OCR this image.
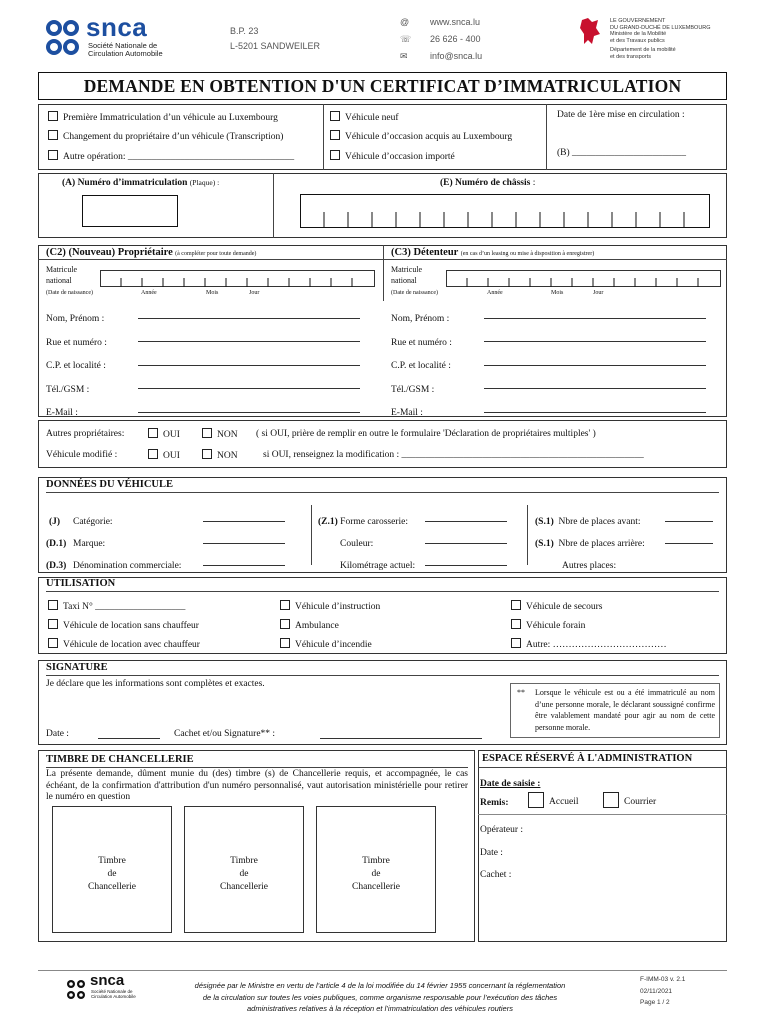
snca
Société Nationale de
Circulation Automobile
B.P. 23
L-5201 SANDWEILER
@ www.snca.lu
☏ 26 626 - 400
✉ info@snca.lu
LE GOUVERNEMENT
DU GRAND-DUCHÉ DE LUXEMBOURG
Ministère de la Mobilité
et des Travaux publics
Département de la mobilité
et des transports
DEMANDE EN OBTENTION D'UN CERTIFICAT D’IMMATRICULATION
Première Immatriculation d’un véhicule au Luxembourg
Changement du propriétaire d’un véhicule (Transcription)
Autre opération: ___________________________________
Véhicule neuf
Véhicule d’occasion acquis au Luxembourg
Véhicule d’occasion importé
Date de 1ère mise en circulation :
(B) ________________________
(A) Numéro d’immatriculation (Plaque) :	(E) Numéro de châssis :
(C2) (Nouveau) Propriétaire (à compléter pour toute demande)
Matricule
national
(Date de naissance)	Année	Mois	Jour
(C3) Détenteur (en cas d’un leasing ou mise à disposition à enregistrer)
Matricule
national
(Date de naissance)	Année	Mois	Jour
Nom, Prénom :
Rue et numéro :
C.P. et localité :
Tél./GSM :
E-Mail :
Nom, Prénom :
Rue et numéro :
C.P. et localité :
Tél./GSM :
E-Mail :
Autres propriétaires:	OUI	NON ( si OUI, prière de remplir en outre le formulaire 'Déclaration de propriétaires multiples' )
Véhicule modifié :	OUI	NON	si OUI, renseignez la modification : ___________________________________________________
DONNÉES DU VÉHICULE
(J) Catégorie:
(D.1) Marque:
(D.3) Dénomination commerciale:
(Z.1) Forme carosserie:
Couleur:
Kilométrage actuel:
(S.1) Nbre de places avant:
(S.1) Nbre de places arrière:
Autres places:
UTILISATION
Taxi N° ___________________
Véhicule de location sans chauffeur
Véhicule de location avec chauffeur
Véhicule d’instruction
Ambulance
Véhicule d’incendie
Véhicule de secours
Véhicule forain
Autre: ………………………………
SIGNATURE
Je déclare que les informations sont complètes et exactes.
** Lorsque le véhicule est ou a été immatriculé au nom d’une personne morale, le déclarant soussigné confirme être valablement mandaté pour agir au nom de cette personne morale.
Date :	Cachet et/ou Signature** :
TIMBRE DE CHANCELLERIE
La présente demande, dûment munie du (des) timbre (s) de Chancellerie requis, et accompagnée, le cas échéant, de la confirmation d'attribution d'un numéro personnalisé, vaut autorisation ministérielle pour retirer le numéro en question
Timbre
de
Chancellerie
Timbre
de
Chancellerie
Timbre
de
Chancellerie
ESPACE RÉSERVÉ À L'ADMINISTRATION
Date de saisie :
Remis:	Accueil	Courrier
Opérateur :
Date :
Cachet :
snca
Société Nationale de
Circulation Automobile
désignée par le Ministre en vertu de l’article 4 de la loi modifiée du 14 février 1955 concernant la réglementation
de la circulation sur toutes les voies publiques, comme organisme responsable pour l’exécution des tâches
administratives relatives à la réception et l’immatriculation des véhicules routiers
F-IMM-03 v. 2.1
02/11/2021
Page 1 / 2
